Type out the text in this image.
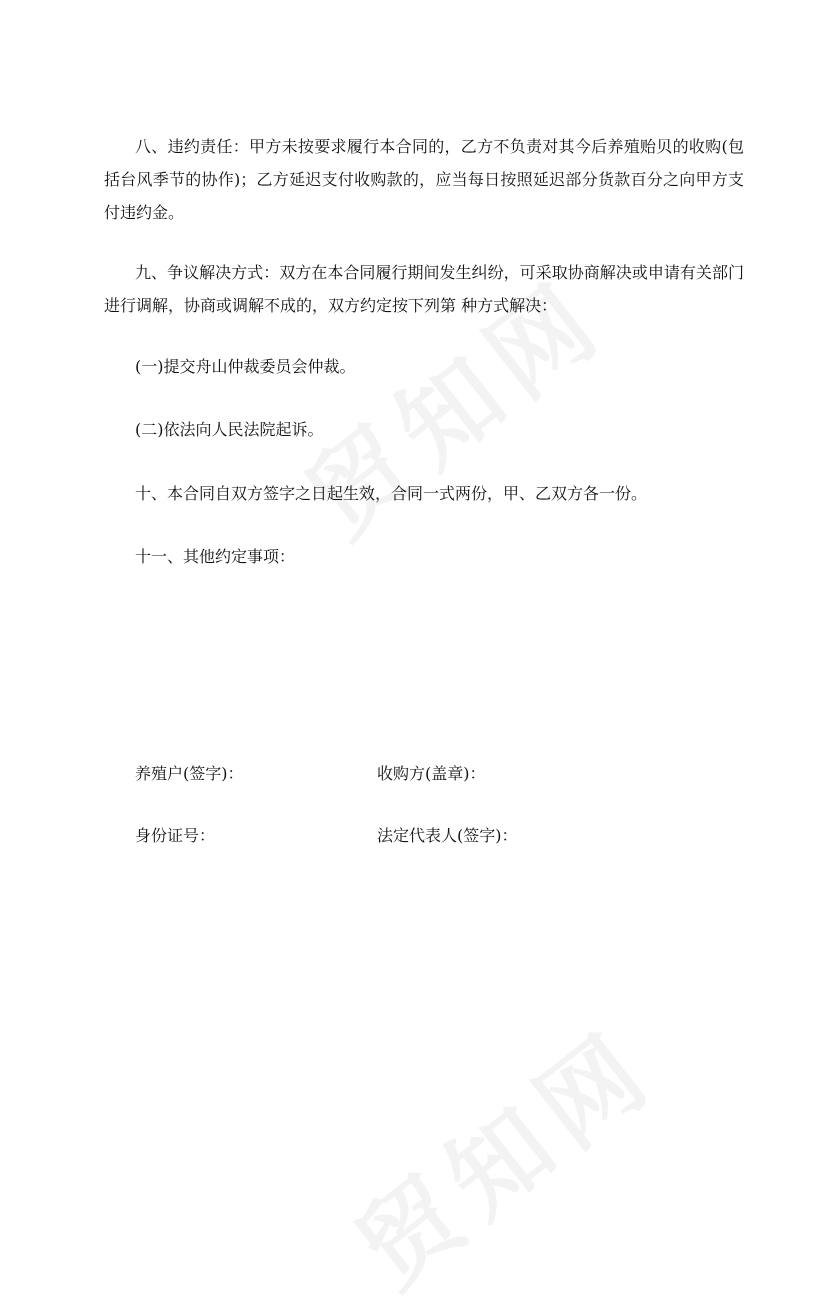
八、违约责任：甲方未按要求履行本合同的，乙方不负责对其今后养殖贻贝的收购(包括台风季节的协作)；乙方延迟支付收购款的，应当每日按照延迟部分货款百分之向甲方支付违约金。

九、争议解决方式：双方在本合同履行期间发生纠纷，可采取协商解决或申请有关部门进行调解，协商或调解不成的，双方约定按下列第 种方式解决：

(一)提交舟山仲裁委员会仲裁。

(二)依法向人民法院起诉。

十、本合同自双方签字之日起生效，合同一式两份，甲、乙双方各一份。

十一、其他约定事项：

养殖户(签字)：	收购方(盖章)：
身份证号：	法定代表人(签字)：
